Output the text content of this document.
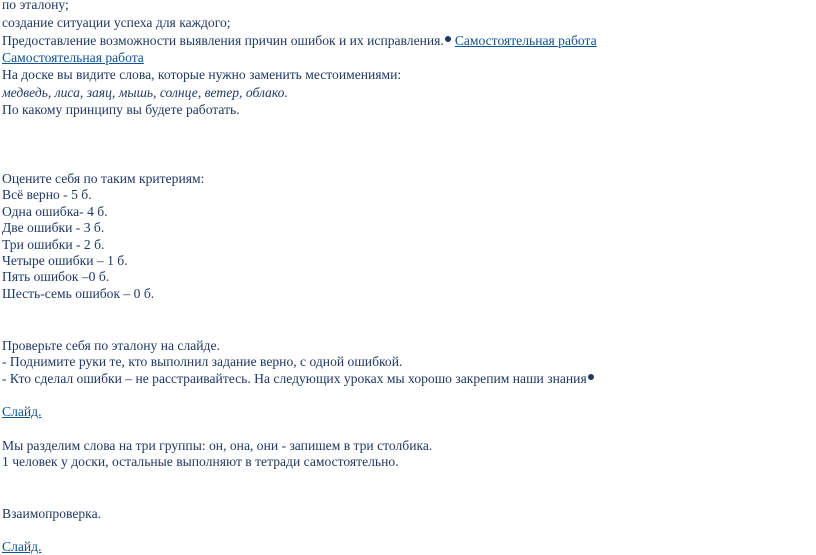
по эталону;
создание ситуации успеха для каждого;
Предоставление возможности выявления причин ошибок и их исправления. Самостоятельная работа
Самостоятельная работа
На доске вы видите слова, которые нужно заменить местоимениями:
медведь, лиса, заяц, мышь, солнце, ветер, облако.
По какому принципу вы будете работать.
Оцените себя по таким критериям:
Всё верно - 5 б.
Одна ошибка- 4 б.
Две ошибки - 3 б.
Три ошибки - 2 б.
Четыре ошибки – 1 б.
Пять ошибок –0 б.
Шесть-семь ошибок – 0 б.
Проверьте себя по эталону на слайде.
- Поднимите руки те, кто выполнил задание верно, с одной ошибкой.
- Кто сделал ошибки – не расстраивайтесь. На следующих уроках мы хорошо закрепим наши знания
Слайд.
Мы разделим слова на три группы: он, она, они - запишем в три столбика.
1 человек у доски, остальные выполняют в тетради самостоятельно.
Взаимопроверка.
Слайд.
